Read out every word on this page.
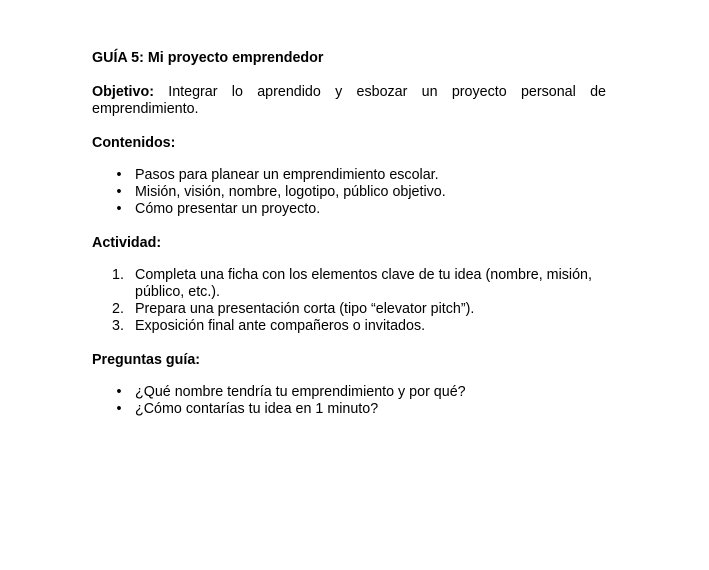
GUÍA 5: Mi proyecto emprendedor
Objetivo: Integrar lo aprendido y esbozar un proyecto personal de emprendimiento.
Contenidos:
• Pasos para planear un emprendimiento escolar.
• Misión, visión, nombre, logotipo, público objetivo.
• Cómo presentar un proyecto.
Actividad:
1. Completa una ficha con los elementos clave de tu idea (nombre, misión, público, etc.).
2. Prepara una presentación corta (tipo “elevator pitch”).
3. Exposición final ante compañeros o invitados.
Preguntas guía:
• ¿Qué nombre tendría tu emprendimiento y por qué?
• ¿Cómo contarías tu idea en 1 minuto?
